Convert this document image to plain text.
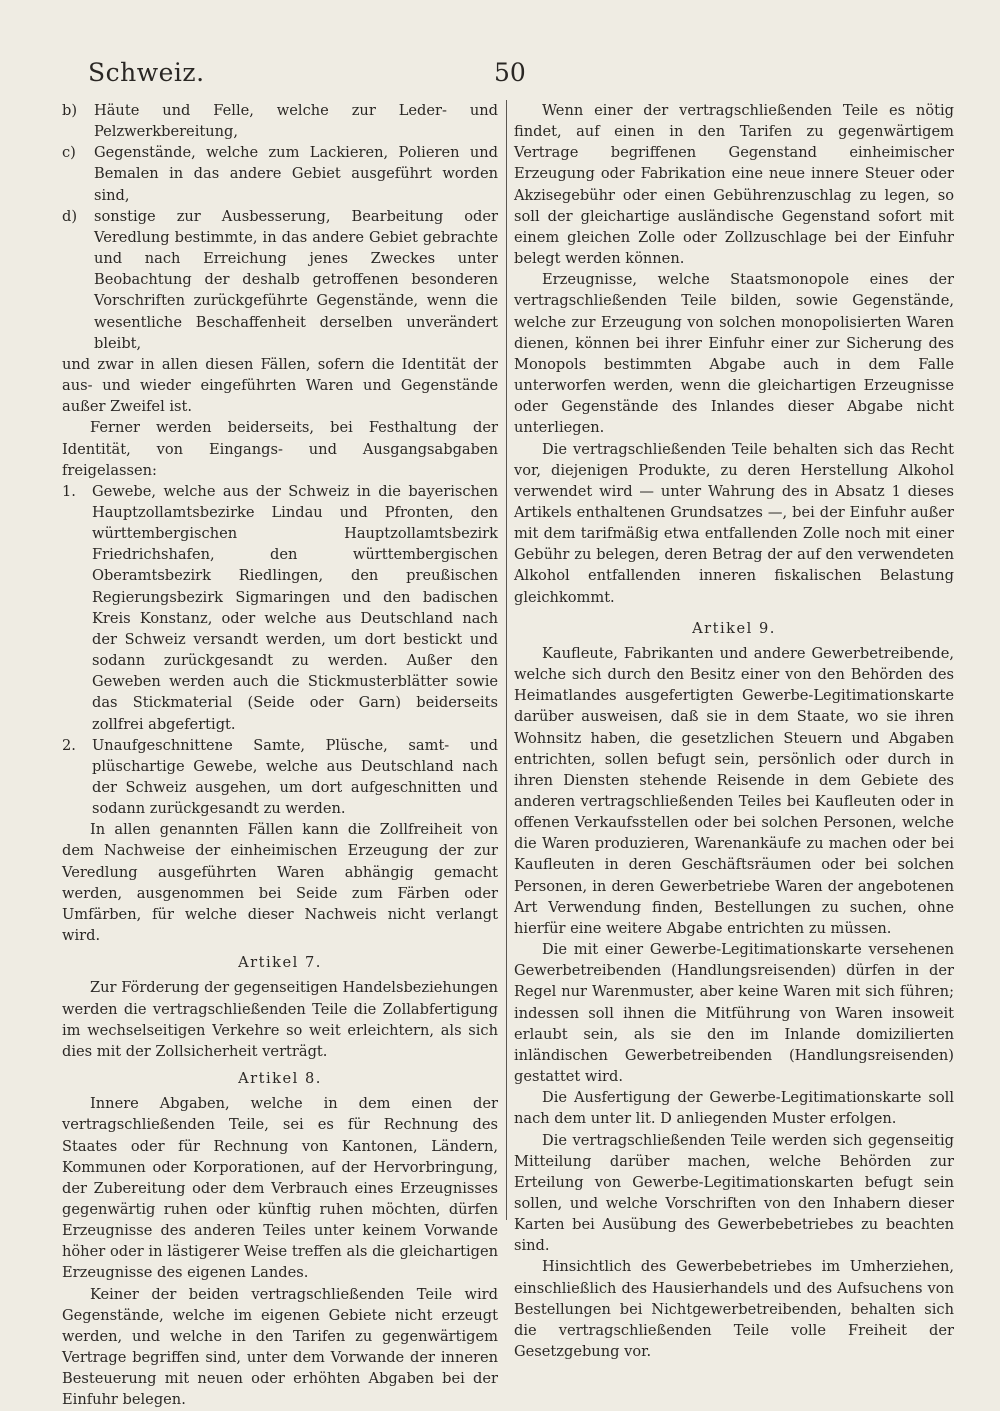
Schweiz.	50
b)	Häute und Felle, welche zur Leder- und Pelzwerkbereitung,
c)	Gegenstände, welche zum Lackieren, Polieren und Bemalen in das andere Gebiet ausgeführt worden sind,
d)	sonstige zur Ausbesserung, Bearbeitung oder Veredlung bestimmte, in das andere Gebiet gebrachte und nach Erreichung jenes Zweckes unter Beobachtung der deshalb getroffenen besonderen Vorschriften zurückgeführte Gegenstände, wenn die wesentliche Beschaffenheit derselben unverändert bleibt,

und zwar in allen diesen Fällen, sofern die Identität der aus- und wieder eingeführten Waren und Gegenstände außer Zweifel ist.

Ferner werden beiderseits, bei Festhaltung der Identität, von Eingangs- und Ausgangsabgaben freigelassen:

1.	Gewebe, welche aus der Schweiz in die bayerischen Hauptzollamtsbezirke Lindau und Pfronten, den württembergischen Hauptzollamtsbezirk Friedrichshafen, den württembergischen Oberamtsbezirk Riedlingen, den preußischen Regierungsbezirk Sigmaringen und den badischen Kreis Konstanz, oder welche aus Deutschland nach der Schweiz versandt werden, um dort bestickt und sodann zurückgesandt zu werden. Außer den Geweben werden auch die Stickmusterblätter sowie das Stickmaterial (Seide oder Garn) beiderseits zollfrei abgefertigt.
2.	Unaufgeschnittene Samte, Plüsche, samt- und plüschartige Gewebe, welche aus Deutschland nach der Schweiz ausgehen, um dort aufgeschnitten und sodann zurückgesandt zu werden.

In allen genannten Fällen kann die Zollfreiheit von dem Nachweise der einheimischen Erzeugung der zur Veredlung ausgeführten Waren abhängig gemacht werden, ausgenommen bei Seide zum Färben oder Umfärben, für welche dieser Nachweis nicht verlangt wird.

Artikel 7.

Zur Förderung der gegenseitigen Handelsbeziehungen werden die vertragschließenden Teile die Zollabfertigung im wechselseitigen Verkehre so weit erleichtern, als sich dies mit der Zollsicherheit verträgt.

Artikel 8.

Innere Abgaben, welche in dem einen der vertragschließenden Teile, sei es für Rechnung des Staates oder für Rechnung von Kantonen, Ländern, Kommunen oder Korporationen, auf der Hervorbringung, der Zubereitung oder dem Verbrauch eines Erzeugnisses gegenwärtig ruhen oder künftig ruhen möchten, dürfen Erzeugnisse des anderen Teiles unter keinem Vorwande höher oder in lästigerer Weise treffen als die gleichartigen Erzeugnisse des eigenen Landes.

Keiner der beiden vertragschließenden Teile wird Gegenstände, welche im eigenen Gebiete nicht erzeugt werden, und welche in den Tarifen zu gegenwärtigem Vertrage begriffen sind, unter dem Vorwande der inneren Besteuerung mit neuen oder erhöhten Abgaben bei der Einfuhr belegen.

Wenn einer der vertragschließenden Teile es nötig findet, auf einen in den Tarifen zu gegenwärtigem Vertrage begriffenen Gegenstand einheimischer Erzeugung oder Fabrikation eine neue innere Steuer oder Akzisegebühr oder einen Gebührenzuschlag zu legen, so soll der gleichartige ausländische Gegenstand sofort mit einem gleichen Zolle oder Zollzuschlage bei der Einfuhr belegt werden können.

Erzeugnisse, welche Staatsmonopole eines der vertragschließenden Teile bilden, sowie Gegenstände, welche zur Erzeugung von solchen monopolisierten Waren dienen, können bei ihrer Einfuhr einer zur Sicherung des Monopols bestimmten Abgabe auch in dem Falle unterworfen werden, wenn die gleichartigen Erzeugnisse oder Gegenstände des Inlandes dieser Abgabe nicht unterliegen.

Die vertragschließenden Teile behalten sich das Recht vor, diejenigen Produkte, zu deren Herstellung Alkohol verwendet wird — unter Wahrung des in Absatz 1 dieses Artikels enthaltenen Grundsatzes —, bei der Einfuhr außer mit dem tarifmäßig etwa entfallenden Zolle noch mit einer Gebühr zu belegen, deren Betrag der auf den verwendeten Alkohol entfallenden inneren fiskalischen Belastung gleichkommt.

Artikel 9.

Kaufleute, Fabrikanten und andere Gewerbetreibende, welche sich durch den Besitz einer von den Behörden des Heimatlandes ausgefertigten Gewerbe-Legitimationskarte darüber ausweisen, daß sie in dem Staate, wo sie ihren Wohnsitz haben, die gesetzlichen Steuern und Abgaben entrichten, sollen befugt sein, persönlich oder durch in ihren Diensten stehende Reisende in dem Gebiete des anderen vertragschließenden Teiles bei Kaufleuten oder in offenen Verkaufsstellen oder bei solchen Personen, welche die Waren produzieren, Warenankäufe zu machen oder bei Kaufleuten in deren Geschäftsräumen oder bei solchen Personen, in deren Gewerbetriebe Waren der angebotenen Art Verwendung finden, Bestellungen zu suchen, ohne hierfür eine weitere Abgabe entrichten zu müssen.

Die mit einer Gewerbe-Legitimationskarte versehenen Gewerbetreibenden (Handlungsreisenden) dürfen in der Regel nur Warenmuster, aber keine Waren mit sich führen; indessen soll ihnen die Mitführung von Waren insoweit erlaubt sein, als sie den im Inlande domizilierten inländischen Gewerbetreibenden (Handlungsreisenden) gestattet wird.

Die Ausfertigung der Gewerbe-Legitimationskarte soll nach dem unter lit. D anliegenden Muster erfolgen.

Die vertragschließenden Teile werden sich gegenseitig Mitteilung darüber machen, welche Behörden zur Erteilung von Gewerbe-Legitimationskarten befugt sein sollen, und welche Vorschriften von den Inhabern dieser Karten bei Ausübung des Gewerbebetriebes zu beachten sind.

Hinsichtlich des Gewerbebetriebes im Umherziehen, einschließlich des Hausierhandels und des Aufsuchens von Bestellungen bei Nichtgewerbetreibenden, behalten sich die vertragschließenden Teile volle Freiheit der Gesetzgebung vor.
